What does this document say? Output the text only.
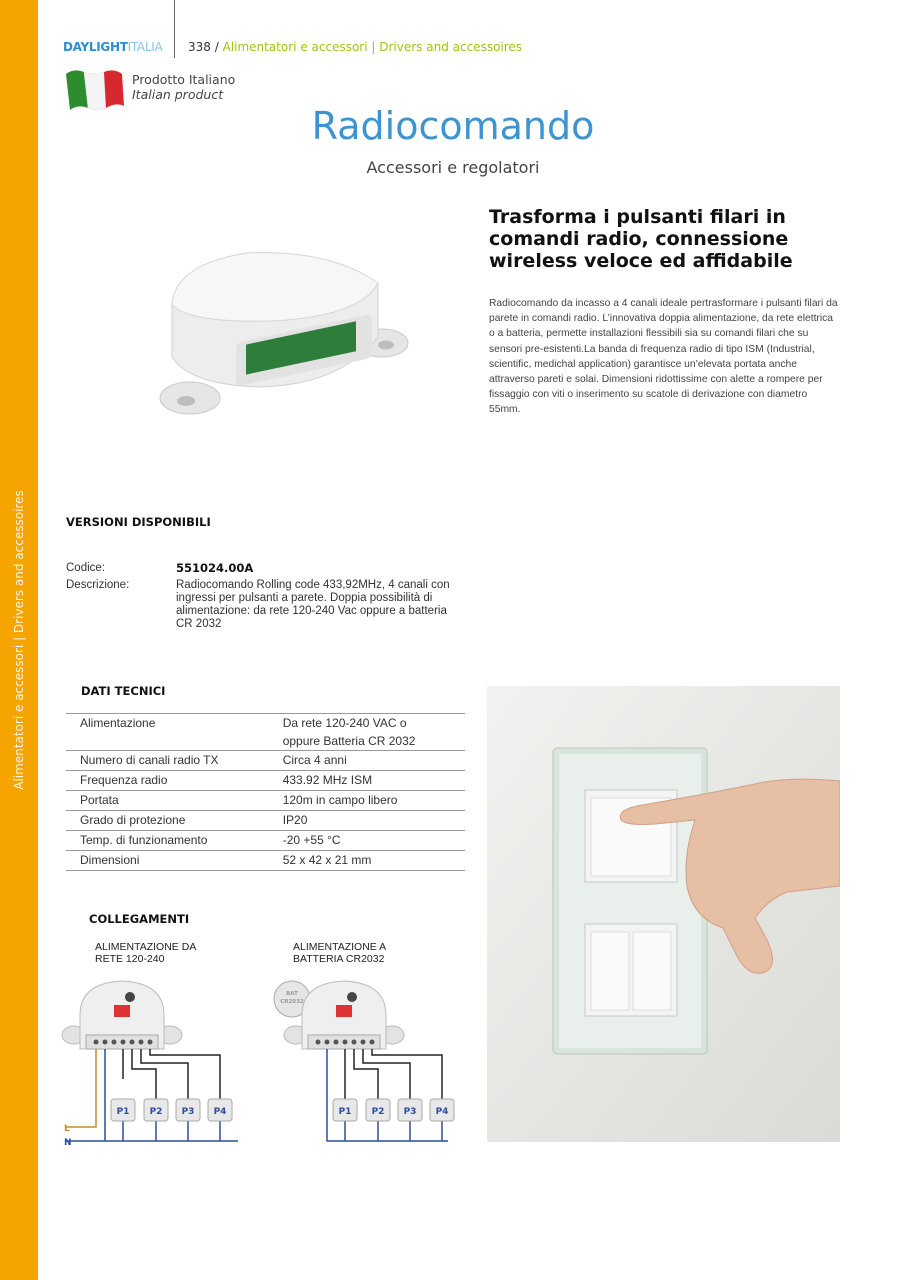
Alimentatori e accessori | Drivers and accessoires
DAYLIGHTITALIA 338 / Alimentatori e accessori | Drivers and accessoires
Prodotto Italiano
Italian product
Radiocomando
Accessori e regolatori
Trasforma i pulsanti filari in comandi radio, connessione wireless veloce ed affidabile
Radiocomando da incasso a 4 canali ideale pertrasformare i pulsanti filari da parete in comandi radio. L’innovativa doppia alimentazione, da rete elettrica o a batteria, permette installazioni flessibili sia su comandi filari che su sensori pre-esistenti.La banda di frequenza radio di tipo ISM (Industrial, scientific, medichal application) garantisce un’elevata portata anche attraverso pareti e solai. Dimensioni ridottissime con alette a rompere per fissaggio con viti o inserimento su scatole di derivazione con diametro 55mm.
VERSIONI DISPONIBILI
Codice:	551024.00A
Descrizione:	Radiocomando Rolling code 433,92MHz, 4 canali con ingressi per pulsanti a parete. Doppia possibilità di alimentazione: da rete 120-240 Vac oppure a batteria CR 2032
DATI TECNICI
Alimentazione	Da rete 120-240 VAC o
oppure Batteria CR 2032

Numero di canali radio TX	Circa 4 anni
Frequenza radio	433.92 MHz ISM
Portata	120m in campo libero
Grado di protezione	IP20
Temp. di funzionamento	-20 +55 °C
Dimensioni	52 x 42 x 21 mm
COLLEGAMENTI
ALIMENTAZIONE DA RETE 120-240
ALIMENTAZIONE A BATTERIA CR2032
P1 P2 P3 P4
L
N
BAT
CR2032
P1 P2 P3 P4
